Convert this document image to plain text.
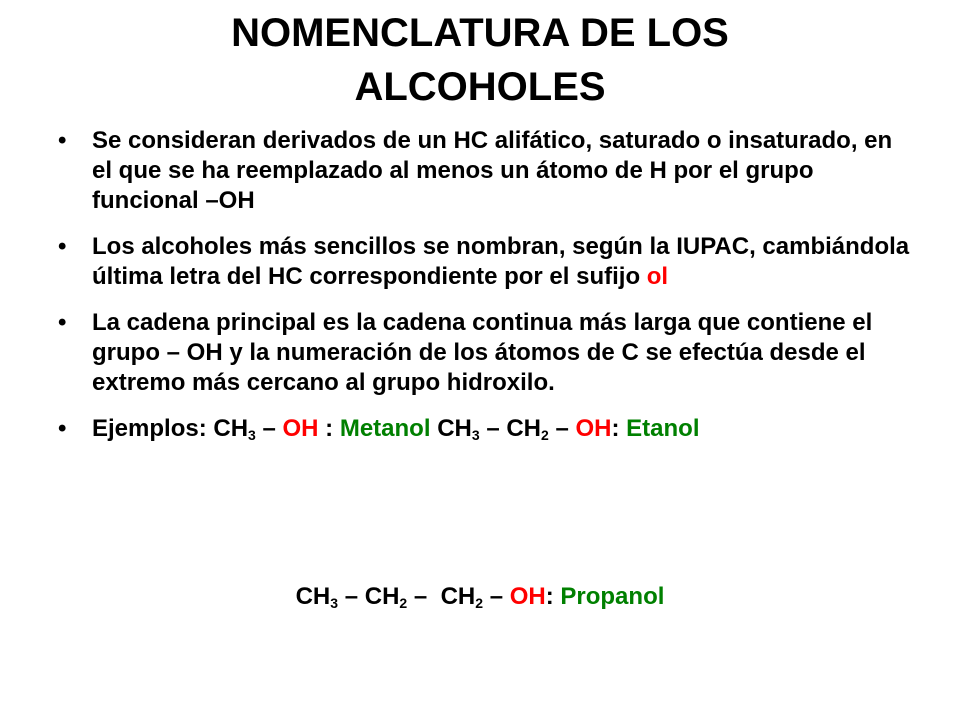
NOMENCLATURA DE LOS ALCOHOLES
• Se consideran derivados de un HC alifático, saturado o insaturado, en el que se ha reemplazado al menos un átomo de H por el grupo funcional –OH
• Los alcoholes más sencillos se nombran, según la IUPAC, cambiándola última letra del HC correspondiente por el sufijo ol
• La cadena principal es la cadena continua más larga que contiene el grupo – OH y la numeración de los átomos de C se efectúa desde el extremo más cercano al grupo hidroxilo.
• Ejemplos: $CH_3$ – OH : Metanol $CH_3 - CH_2$ – OH: Etanol
$CH_3 - CH_2 - CH_2$ – OH: Propanol
